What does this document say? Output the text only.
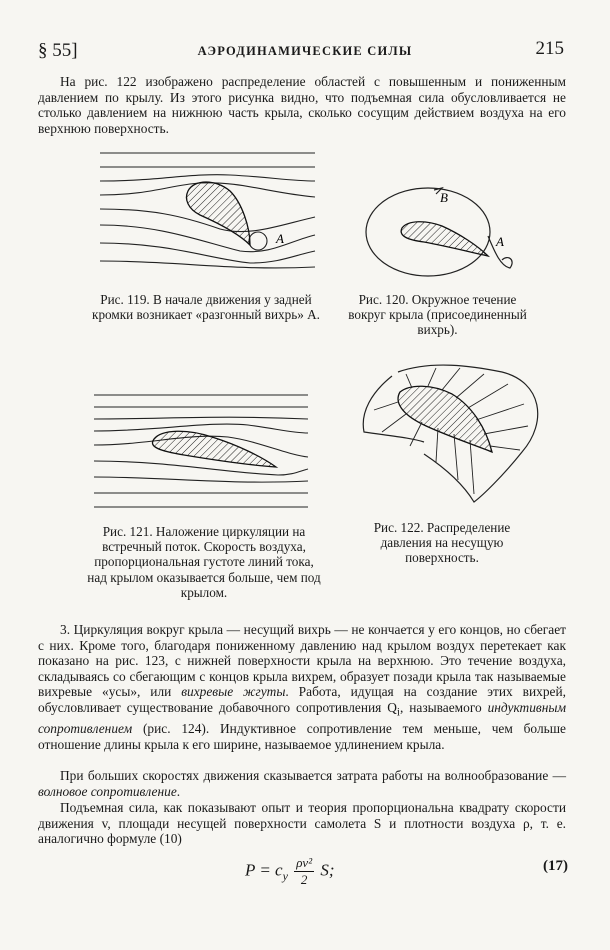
§ 55]	АЭРОДИНАМИЧЕСКИЕ СИЛЫ	215
На рис. 122 изображено распределение областей с повышенным и пониженным давлением по крылу. Из этого рисунка видно, что подъемная сила обусловливается не столько давлением на нижнюю часть крыла, сколько сосущим действием воздуха на его верхнюю поверхность.
A
Рис. 119. В начале движения у задней кромки возникает «разгонный вихрь» А.
B
A
Рис. 120. Окружное течение вокруг крыла (присоединенный вихрь).
Рис. 121. Наложение циркуляции на встречный поток. Скорость воздуха, пропорциональная густоте линий тока, над крылом оказывается больше, чем под крылом.
Рис. 122. Распределение давления на несущую поверхность.
3. Циркуляция вокруг крыла — несущий вихрь — не кончается у его концов, но сбегает с них. Кроме того, благодаря пониженному давлению над крылом воздух перетекает как показано на рис. 123, с нижней поверхности крыла на верхнюю. Это течение воздуха, складываясь со сбегающим с концов крыла вихрем, образует позади крыла так называемые вихревые «усы», или вихревые жгуты. Работа, идущая на создание этих вихрей, обусловливает существование добавочного сопротивления $Q_i$, называемого индуктивным сопротивлением (рис. 124). Индуктивное сопротивление тем меньше, чем больше отношение длины крыла к его ширине, называемое удлинением крыла.
При больших скоростях движения сказывается затрата работы на волнообразование — волновое сопротивление.
Подъемная сила, как показывают опыт и теория пропорциональна квадрату скорости движения v, площади несущей поверхности самолета S и плотности воздуха ρ, т. е. аналогично формуле (10)
$P = c_y \frac{\text{ρv²}}{2} S$;	(17)
